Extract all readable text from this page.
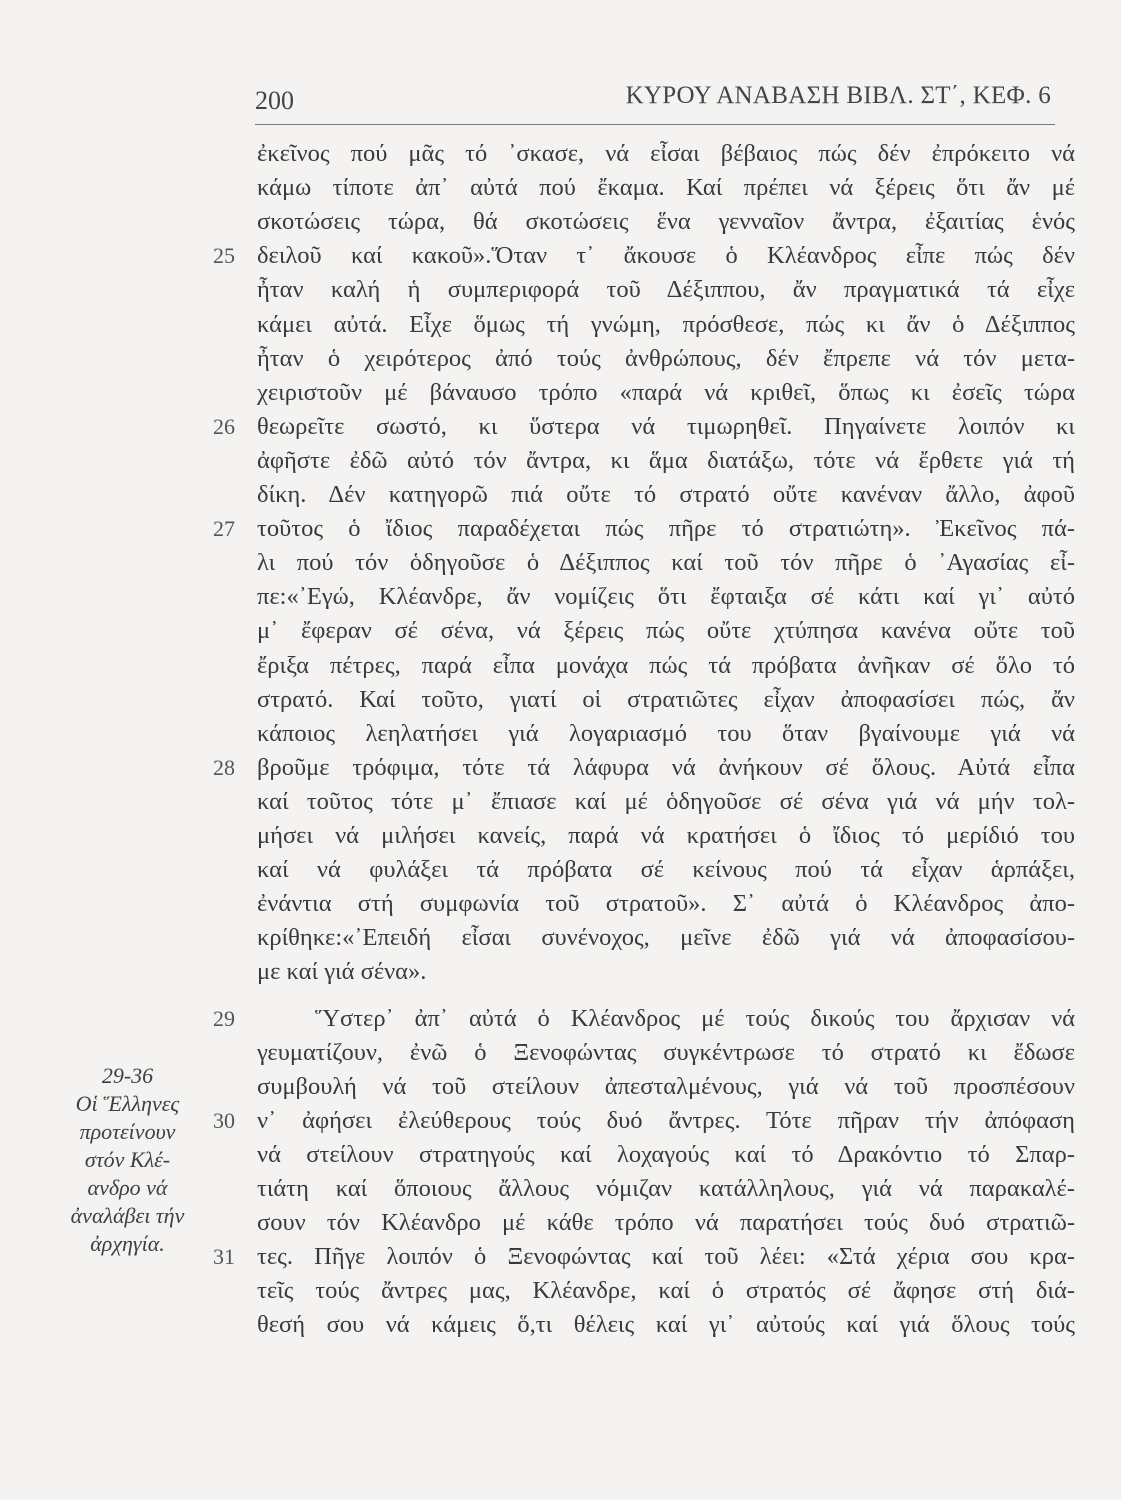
200	ΚΥΡΟΥ ΑΝΑΒΑΣΗ ΒΙΒΛ. ΣΤ΄, ΚΕΦ. 6
ἐκεῖνος πού μᾶς τό ᾽σκασε, νά εἶσαι βέβαιος πώς δέν ἐπρόκειτο νά
κάμω τίποτε ἀπ᾽ αὐτά πού ἔκαμα. Καί πρέπει νά ξέρεις ὅτι ἄν μέ
σκοτώσεις τώρα, θά σκοτώσεις ἕνα γενναῖον ἄντρα, ἐξαιτίας ἑνός
δειλοῦ καί κακοῦ».Ὅταν τ᾽ ἄκουσε ὁ Κλέανδρος εἶπε πώς δέν
25
ἦταν καλή ἡ συμπεριφορά τοῦ Δέξιππου, ἄν πραγματικά τά εἶχε
κάμει αὐτά. Εἶχε ὅμως τή γνώμη, πρόσθεσε, πώς κι ἄν ὁ Δέξιππος
ἦταν ὁ χειρότερος ἀπό τούς ἀνθρώπους, δέν ἔπρεπε νά τόν μετα-
χειριστοῦν μέ βάναυσο τρόπο «παρά νά κριθεῖ, ὅπως κι ἐσεῖς τώρα
θεωρεῖτε σωστό, κι ὕστερα νά τιμωρηθεῖ. Πηγαίνετε λοιπόν κι
26
ἀφῆστε ἐδῶ αὐτό τόν ἄντρα, κι ἅμα διατάξω, τότε νά ἔρθετε γιά τή
δίκη. Δέν κατηγορῶ πιά οὔτε τό στρατό οὔτε κανέναν ἄλλο, ἀφοῦ
τοῦτος ὁ ἴδιος παραδέχεται πώς πῆρε τό στρατιώτη». Ἐκεῖνος πά-
27
λι πού τόν ὁδηγοῦσε ὁ Δέξιππος καί τοῦ τόν πῆρε ὁ ᾽Αγασίας εἶ-
πε:«᾽Εγώ, Κλέανδρε, ἄν νομίζεις ὅτι ἔφταιξα σέ κάτι καί γι᾽ αὐτό
μ᾽ ἔφεραν σέ σένα, νά ξέρεις πώς οὔτε χτύπησα κανένα οὔτε τοῦ
ἔριξα πέτρες, παρά εἶπα μονάχα πώς τά πρόβατα ἀνῆκαν σέ ὅλο τό
στρατό. Καί τοῦτο, γιατί οἱ στρατιῶτες εἶχαν ἀποφασίσει πώς, ἄν
κάποιος λεηλατήσει γιά λογαριασμό του ὅταν βγαίνουμε γιά νά
βροῦμε τρόφιμα, τότε τά λάφυρα νά ἀνήκουν σέ ὅλους. Αὐτά εἶπα
28
καί τοῦτος τότε μ᾽ ἔπιασε καί μέ ὁδηγοῦσε σέ σένα γιά νά μήν τολ-
μήσει νά μιλήσει κανείς, παρά νά κρατήσει ὁ ἴδιος τό μερίδιό του
καί νά φυλάξει τά πρόβατα σέ κείνους πού τά εἶχαν ἁρπάξει,
ἐνάντια στή συμφωνία τοῦ στρατοῦ». Σ᾽ αὐτά ὁ Κλέανδρος ἀπο-
κρίθηκε:«᾽Επειδή εἶσαι συνένοχος, μεῖνε ἐδῶ γιά νά ἀποφασίσου-
με καί γιά σένα».
Ὕστερ᾽ ἀπ᾽ αὐτά ὁ Κλέανδρος μέ τούς δικούς του ἄρχισαν νά
29
γευματίζουν, ἐνῶ ὁ Ξενοφώντας συγκέντρωσε τό στρατό κι ἔδωσε
συμβουλή νά τοῦ στείλουν ἀπεσταλμένους, γιά νά τοῦ προσπέσουν
ν᾽ ἀφήσει ἐλεύθερους τούς δυό ἄντρες. Τότε πῆραν τήν ἀπόφαση
30
νά στείλουν στρατηγούς καί λοχαγούς καί τό Δρακόντιο τό Σπαρ-
τιάτη καί ὅποιους ἄλλους νόμιζαν κατάλληλους, γιά νά παρακαλέ-
σουν τόν Κλέανδρο μέ κάθε τρόπο νά παρατήσει τούς δυό στρατιῶ-
τες. Πῆγε λοιπόν ὁ Ξενοφώντας καί τοῦ λέει: «Στά χέρια σου κρα-
31
τεῖς τούς ἄντρες μας, Κλέανδρε, καί ὁ στρατός σέ ἄφησε στή διά-
θεσή σου νά κάμεις ὅ,τι θέλεις καί γι᾽ αὐτούς καί γιά ὅλους τούς
29-36
Οἱ Ἕλληνες
προτείνουν
στόν Κλέ-
ανδρο νά
ἀναλάβει τήν
ἀρχηγία.
